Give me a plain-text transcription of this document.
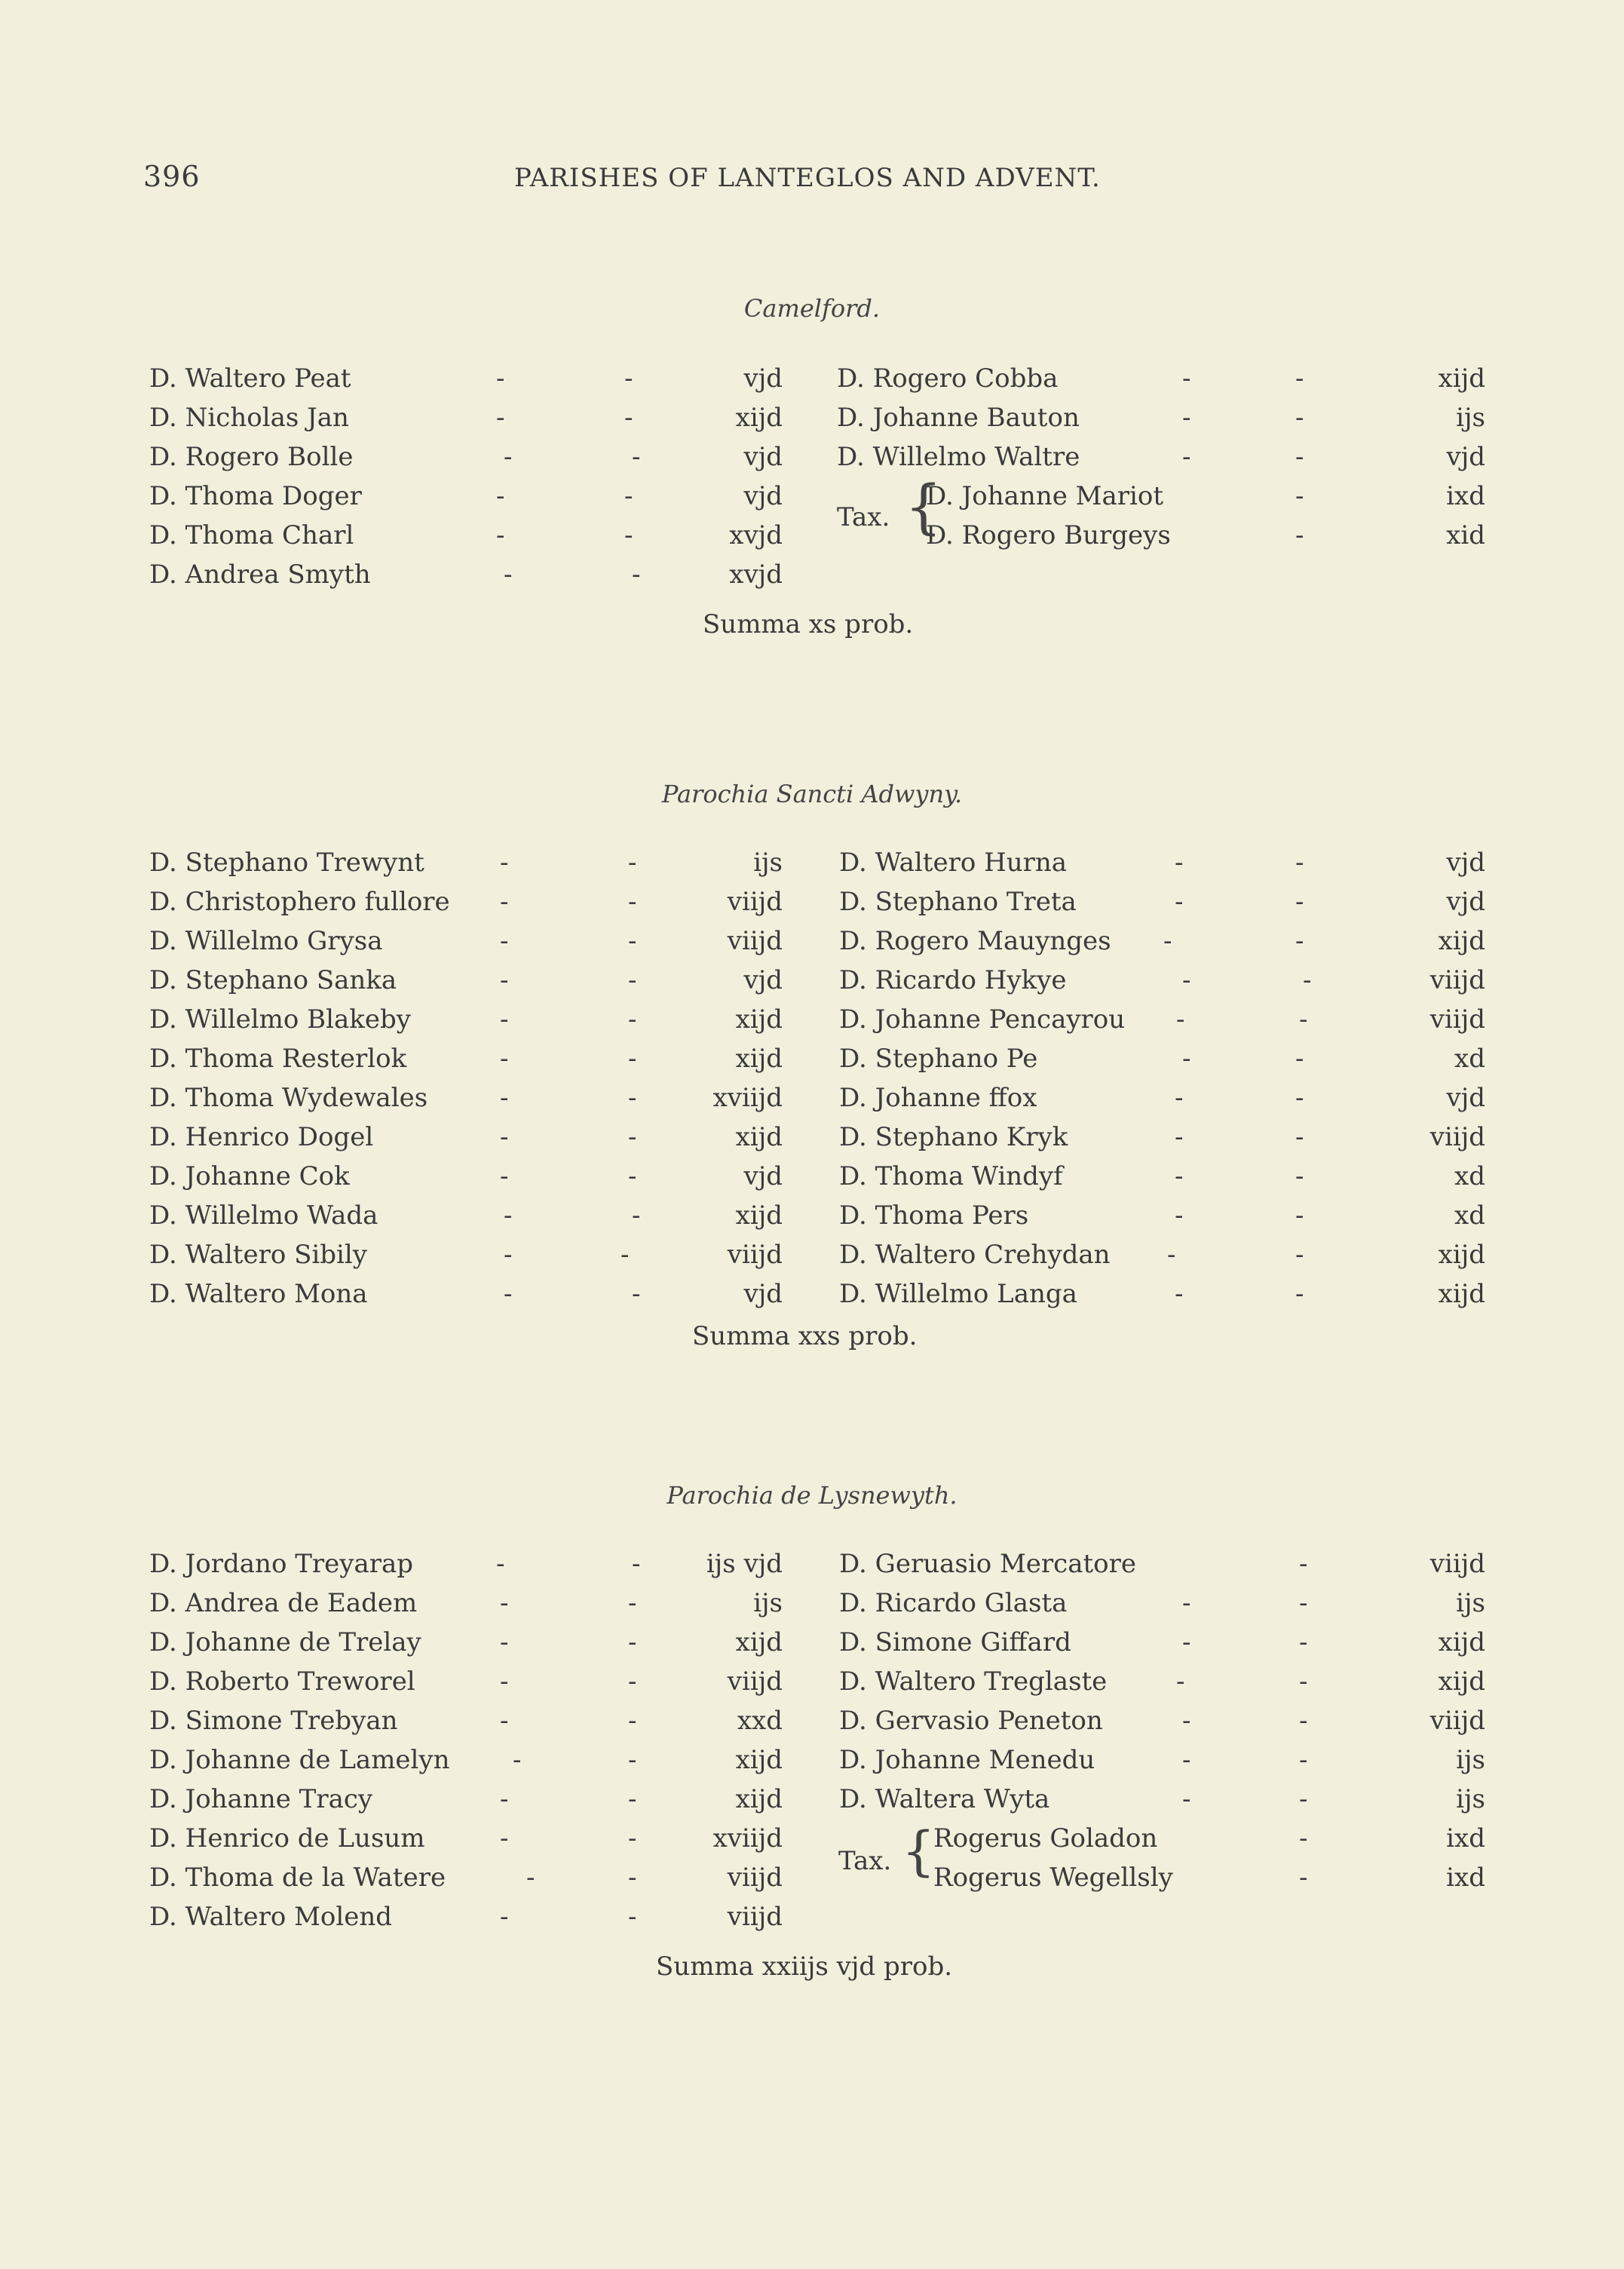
396	PARISHES OF LANTEGLOS AND ADVENT.
Camelford.
D. Waltero Peat	-	-	vjd D. Rogero Cobba	-	-	xijd
D. Nicholas Jan	-	-	xijd D. Johanne Bauton	-	-	ijs
D. Rogero Bolle	-	-	vjd D. Willelmo Waltre	-	-	vjd
D. Thoma Doger	-	-	vjd	D. Johanne Mariot	-	ixd
D. Thoma Charl	-	-	xvjd	D. Rogero Burgeys	-	xid
D. Andrea Smyth	-	-	xvjd
Tax. {
Summa xs prob.
Parochia Sancti Adwyny.
D. Stephano Trewynt	-	-	ijs D. Waltero Hurna	-	-	vjd
D. Christophero fullore -	-	viijd D. Stephano Treta	-	-	vjd
D. Willelmo Grysa	-	-	viijd D. Rogero Mauynges -	-	xijd
D. Stephano Sanka	-	-	vjd D. Ricardo Hykye	-	-	viijd
D. Willelmo Blakeby	-	-	xijd D. Johanne Pencayrou -	-	viijd
D. Thoma Resterlok	-	-	xijd D. Stephano Pe	-	-	xd
D. Thoma Wydewales	-	-	xviijd D. Johanne ffox	-	-	vjd
D. Henrico Dogel	-	-	xijd D. Stephano Kryk	-	-	viijd
D. Johanne Cok	-	-	vjd D. Thoma Windyf	-	-	xd
D. Willelmo Wada	-	-	xijd D. Thoma Pers	-	-	xd
D. Waltero Sibily	-	-	viijd D. Waltero Crehydan -	-	xijd
D. Waltero Mona	-	-	vjd D. Willelmo Langa	-	-	xijd
Summa xxs prob.
Parochia de Lysnewyth.
D. Jordano Treyarap	-	-	ijs vjd D. Geruasio Mercatore	-	viijd
D. Andrea de Eadem	-	-	ijs D. Ricardo Glasta	-	-	ijs
D. Johanne de Trelay	-	-	xijd D. Simone Giffard	-	-	xijd
D. Roberto Treworel	-	-	viijd D. Waltero Treglaste	-	-	xijd
D. Simone Trebyan	-	-	xxd D. Gervasio Peneton	-	-	viijd
D. Johanne de Lamelyn -	-	xijd D. Johanne Menedu	-	-	ijs
D. Johanne Tracy	-	-	xijd D. Waltera Wyta	-	-	ijs
D. Henrico de Lusum	-	-	xviijd	Rogerus Goladon	-	ixd
D. Thoma de la Watere	-	-	viijd	Rogerus Wegellsly	-	ixd
D. Waltero Molend	-	-	viijd
Tax. {
Summa xxiijs vjd prob.
